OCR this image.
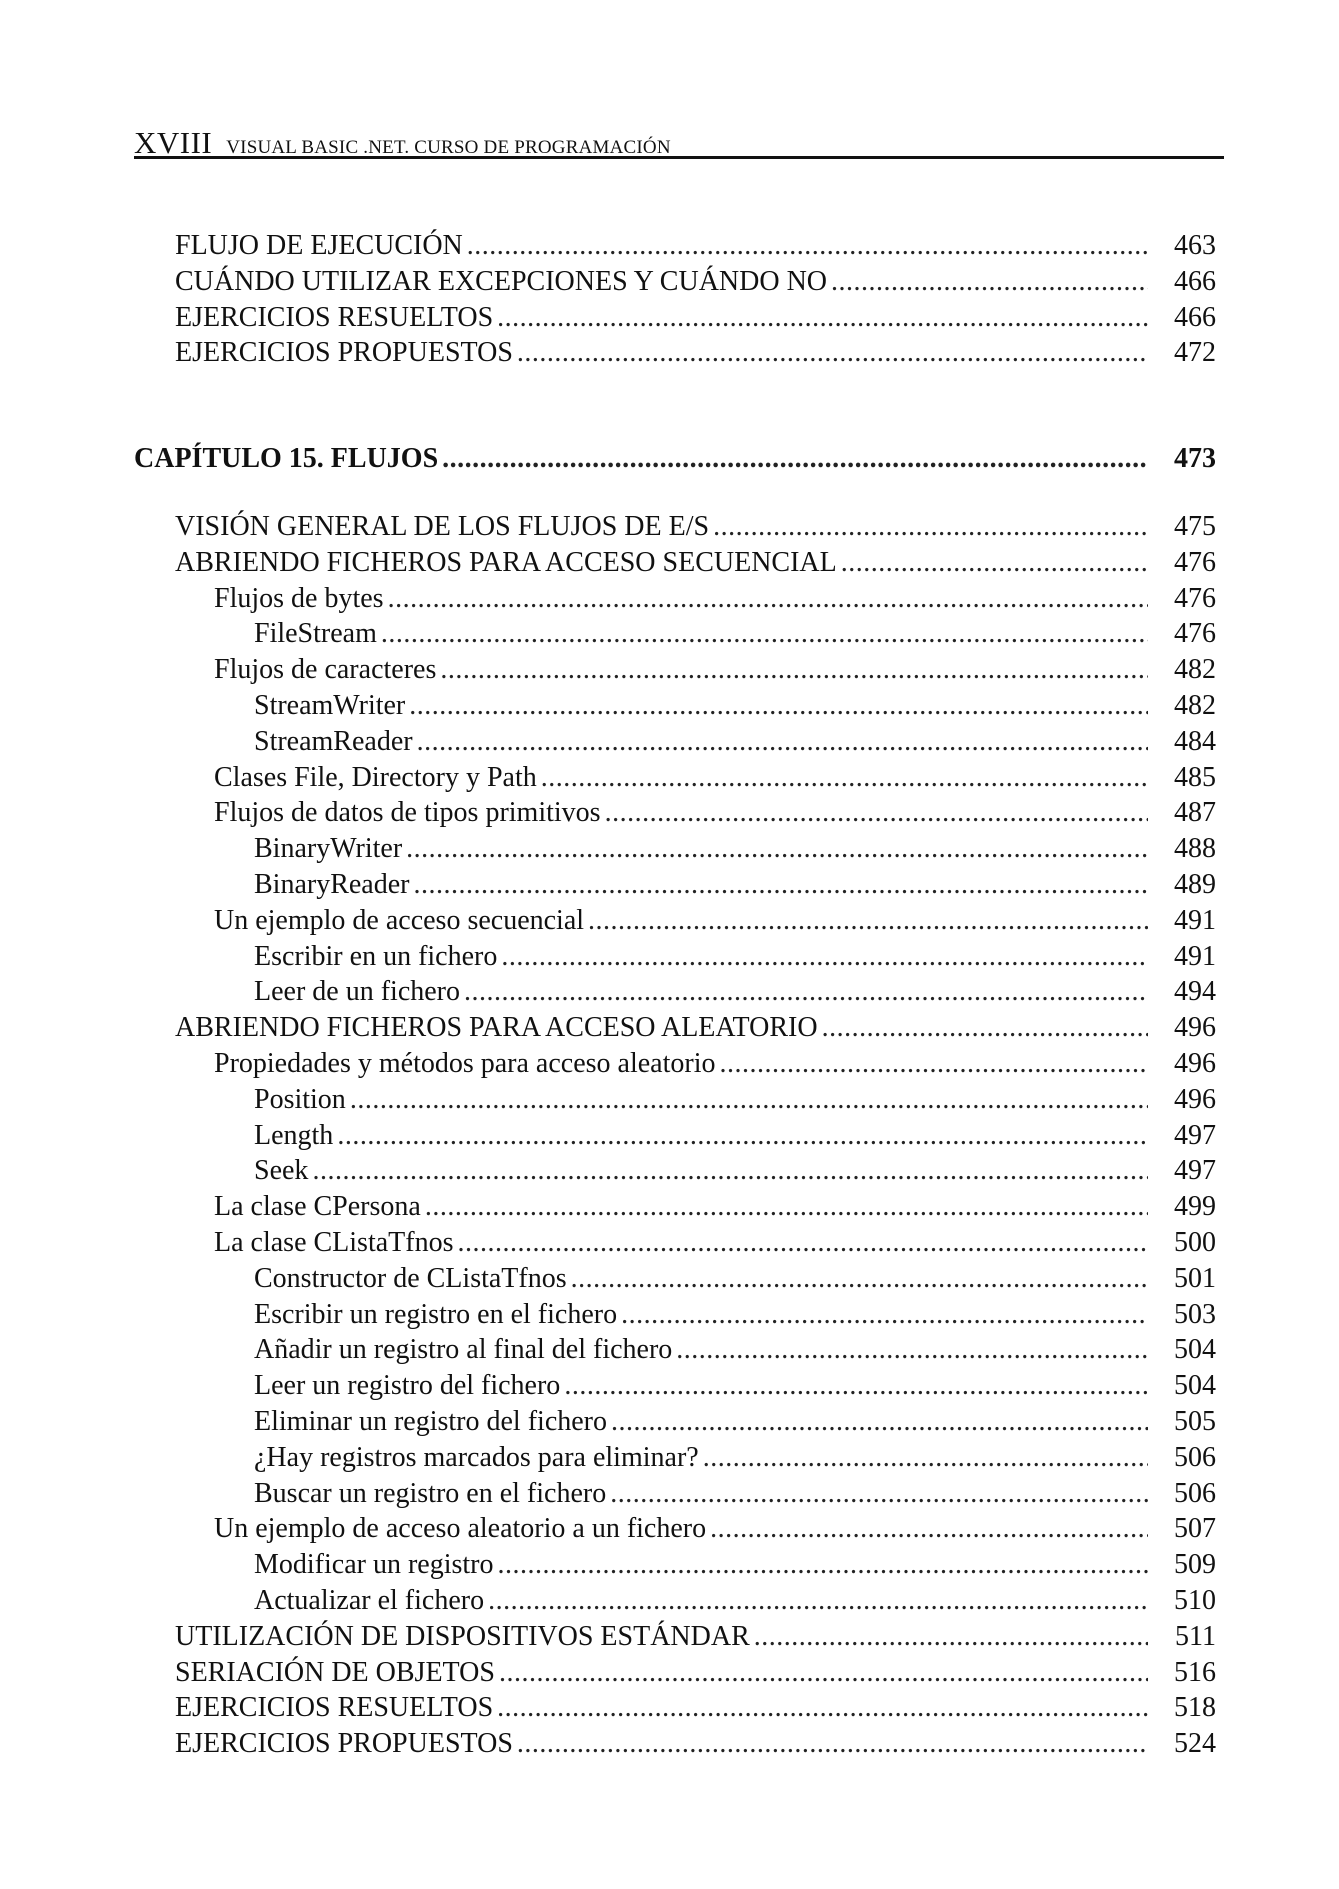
XVIII VISUAL BASIC .NET. CURSO DE PROGRAMACIÓN
FLUJO DE EJECUCIÓN .....	463
CUÁNDO UTILIZAR EXCEPCIONES Y CUÁNDO NO .....	466
EJERCICIOS RESUELTOS .....	466
EJERCICIOS PROPUESTOS .....	472
CAPÍTULO 15. FLUJOS .....	473
VISIÓN GENERAL DE LOS FLUJOS DE E/S .....	475
ABRIENDO FICHEROS PARA ACCESO SECUENCIAL .....	476
Flujos de bytes .....	476
FileStream .....	476
Flujos de caracteres .....	482
StreamWriter .....	482
StreamReader .....	484
Clases File, Directory y Path .....	485
Flujos de datos de tipos primitivos .....	487
BinaryWriter .....	488
BinaryReader .....	489
Un ejemplo de acceso secuencial .....	491
Escribir en un fichero .....	491
Leer de un fichero .....	494
ABRIENDO FICHEROS PARA ACCESO ALEATORIO .....	496
Propiedades y métodos para acceso aleatorio .....	496
Position .....	496
Length .....	497
Seek .....	497
La clase CPersona .....	499
La clase CListaTfnos .....	500
Constructor de CListaTfnos .....	501
Escribir un registro en el fichero .....	503
Añadir un registro al final del fichero .....	504
Leer un registro del fichero .....	504
Eliminar un registro del fichero .....	505
¿Hay registros marcados para eliminar? .....	506
Buscar un registro en el fichero .....	506
Un ejemplo de acceso aleatorio a un fichero .....	507
Modificar un registro .....	509
Actualizar el fichero .....	510
UTILIZACIÓN DE DISPOSITIVOS ESTÁNDAR .....	511
SERIACIÓN DE OBJETOS .....	516
EJERCICIOS RESUELTOS .....	518
EJERCICIOS PROPUESTOS .....	524
